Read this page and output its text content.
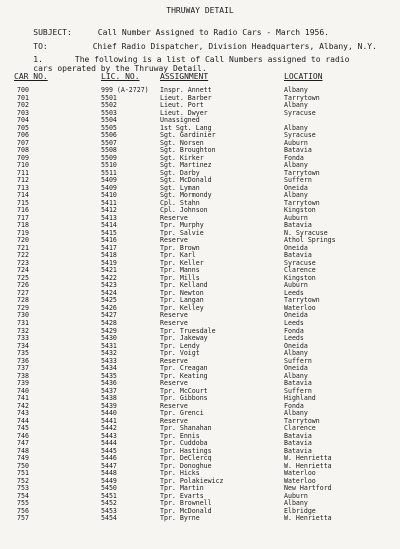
THRUWAY DETAIL

SUBJECT:	Call Number Assigned to Radio Cars - March 1956.

TO:	Chief Radio Dispatcher, Division Headquarters, Albany, N.Y.

1.	The following is a list of Call Numbers assigned to radio

cars operated by the Thruway Detail.

CAR NO.	LIC. NO.	ASSIGNMENT	LOCATION
700	999 (A-2727) Inspr. Annett	Albany
701	5501	Lieut. Barber	Tarrytown
702	5502	Lieut. Port	Albany
703	5503	Lieut. Dwyer	Syracuse
704	5504	Unassigned
705	5505	1st Sgt. Lang	Albany
706	5506	Sgt. Gardinier	Syracuse
707	5507	Sgt. Norsen	Auburn
708	5508	Sgt. Broughton	Batavia
709	5509	Sgt. Kirker	Fonda
710	5510	Sgt. Martinez	Albany
711	5511	Sgt. Darby	Tarrytown
712	5409	Sgt. McDonald	Suffern
713	5409	Sgt. Lyman	Oneida
714	5410	Sgt. Mormondy	Albany
715	5411	Cpl. Stahn	Tarrytown
716	5412	Cpl. Johnson	Kingston
717	5413	Reserve	Auburn
718	5414	Tpr. Murphy	Batavia
719	5415	Tpr. Salvie	N. Syracuse
720	5416	Reserve	Athol Springs
721	5417	Tpr. Brown	Oneida
722	5418	Tpr. Karl	Batavia
723	5419	Tpr. Keller	Syracuse
724	5421	Tpr. Manns	Clarence
725	5422	Tpr. Mills	Kingston
726	5423	Tpr. Kelland	Auburn
727	5424	Tpr. Newton	Leeds
728	5425	Tpr. Langan	Tarrytown
729	5426	Tpr. Kelley	Waterloo
730	5427	Reserve	Oneida
731	5428	Reserve	Leeds
732	5429	Tpr. Truesdale	Fonda
733	5430	Tpr. Jakeway	Leeds
734	5431	Tpr. Lendy	Oneida
735	5432	Tpr. Voigt	Albany
736	5433	Reserve	Suffern
737	5434	Tpr. Creagan	Oneida
738	5435	Tpr. Keating	Albany
739	5436	Reserve	Batavia
740	5437	Tpr. McCourt	Suffern
741	5438	Tpr. Gibbons	Highland
742	5439	Reserve	Fonda
743	5440	Tpr. Grenci	Albany
744	5441	Reserve	Tarrytown
745	5442	Tpr. Shanahan	Clarence
746	5443	Tpr. Ennis	Batavia
747	5444	Tpr. Cuddoba	Batavia
748	5445	Tpr. Hastings	Batavia
749	5446	Tpr. DeClercq	W. Henrietta
750	5447	Tpr. Donoghue	W. Henrietta
751	5448	Tpr. Hicks	Waterloo
752	5449	Tpr. Polakiewicz	Waterloo
753	5450	Tpr. Martin	New Hartford
754	5451	Tpr. Evarts	Auburn
755	5452	Tpr. Brownell	Albany
756	5453	Tpr. McDonald	Elbridge
757	5454	Tpr. Byrne	W. Henrietta
